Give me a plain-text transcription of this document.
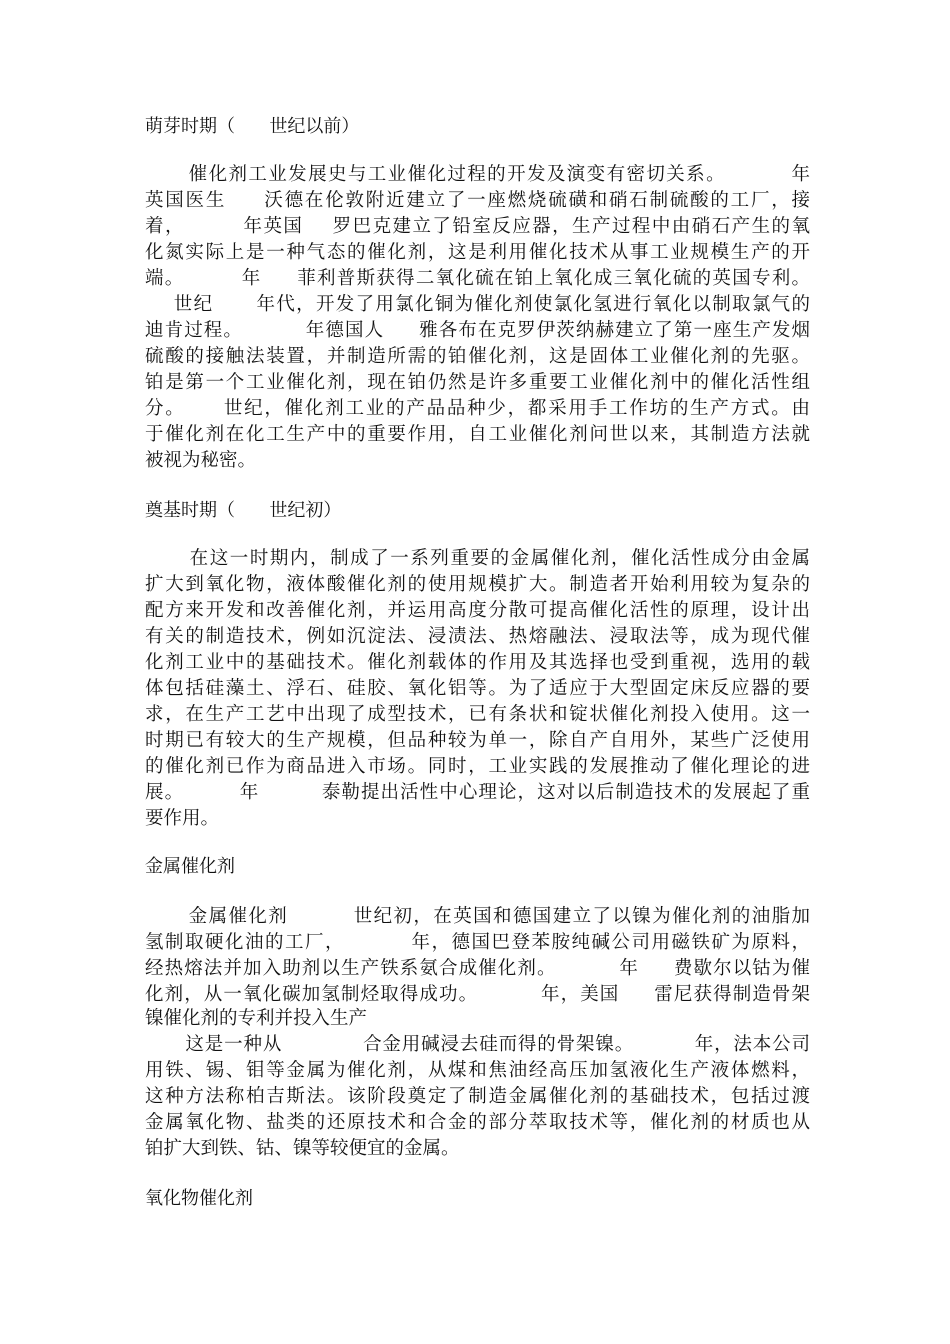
萌芽时期（      世纪以前）
催化剂工业发展史与工业催化过程的开发及演变有密切关系。         年
英国医生     沃德在伦敦附近建立了一座燃烧硫磺和硝石制硫酸的工厂，接
着，        年英国    罗巴克建立了铅室反应器，生产过程中由硝石产生的氧
化氮实际上是一种气态的催化剂，这是利用催化技术从事工业规模生产的开
端。        年     菲利普斯获得二氧化硫在铂上氧化成三氧化硫的英国专利。
世纪      年代，开发了用氯化铜为催化剂使氯化氢进行氧化以制取氯气的
迪肯过程。         年德国人     雅各布在克罗伊茨纳赫建立了第一座生产发烟
硫酸的接触法装置，并制造所需的铂催化剂，这是固体工业催化剂的先驱。
铂是第一个工业催化剂，现在铂仍然是许多重要工业催化剂中的催化活性组
分。     世纪，催化剂工业的产品品种少，都采用手工作坊的生产方式。由
于催化剂在化工生产中的重要作用，自工业催化剂问世以来，其制造方法就
被视为秘密。
奠基时期（      世纪初）
在这一时期内，制成了一系列重要的金属催化剂，催化活性成分由金属
扩大到氧化物，液体酸催化剂的使用规模扩大。制造者开始利用较为复杂的
配方来开发和改善催化剂，并运用高度分散可提高催化活性的原理，设计出
有关的制造技术，例如沉淀法、浸渍法、热熔融法、浸取法等，成为现代催
化剂工业中的基础技术。催化剂载体的作用及其选择也受到重视，选用的载
体包括硅藻土、浮石、硅胶、氧化铝等。为了适应于大型固定床反应器的要
求，在生产工艺中出现了成型技术，已有条状和锭状催化剂投入使用。这一
时期已有较大的生产规模，但品种较为单一，除自产自用外，某些广泛使用
的催化剂已作为商品进入市场。同时，工业实践的发展推动了催化理论的进
展。        年         泰勒提出活性中心理论，这对以后制造技术的发展起了重
要作用。
金属催化剂
金属催化剂         世纪初，在英国和德国建立了以镍为催化剂的油脂加
氢制取硬化油的工厂，         年，德国巴登苯胺纯碱公司用磁铁矿为原料，
经热熔法并加入助剂以生产铁系氨合成催化剂。         年     费歇尔以钴为催
化剂，从一氧化碳加氢制烃取得成功。         年，美国     雷尼获得制造骨架
镍催化剂的专利并投入生产
这是一种从            合金用碱浸去硅而得的骨架镍。         年，法本公司
用铁、锡、钼等金属为催化剂，从煤和焦油经高压加氢液化生产液体燃料，
这种方法称柏吉斯法。该阶段奠定了制造金属催化剂的基础技术，包括过渡
金属氧化物、盐类的还原技术和合金的部分萃取技术等，催化剂的材质也从
铂扩大到铁、钴、镍等较便宜的金属。
氧化物催化剂
